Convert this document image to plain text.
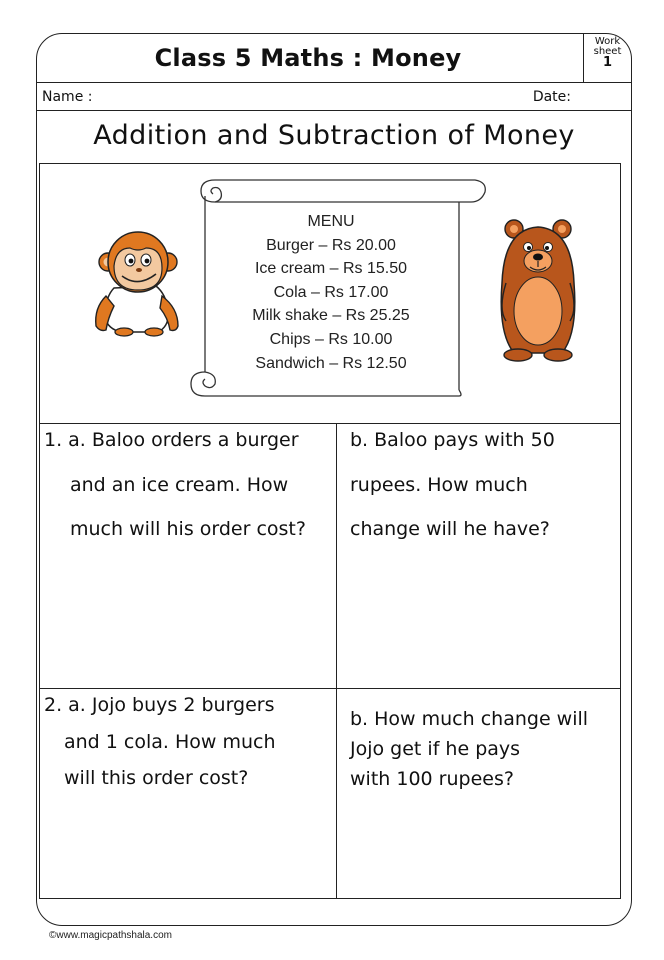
Class 5 Maths : Money
Work
sheet
1
Name :	Date:
Addition and Subtraction of Money
MENU
Burger – Rs 20.00
Ice cream – Rs 15.50
Cola – Rs 17.00
Milk shake – Rs 25.25
Chips – Rs 10.00
Sandwich – Rs 12.50
1. a. Baloo orders a burger
and an ice cream. How
much will his order cost?
b. Baloo pays with 50
rupees. How much
change will he have?
2. a. Jojo buys 2 burgers
and 1 cola. How much
will this order cost?
b. How much change will
Jojo get if he pays
with 100 rupees?
©www.magicpathshala.com
